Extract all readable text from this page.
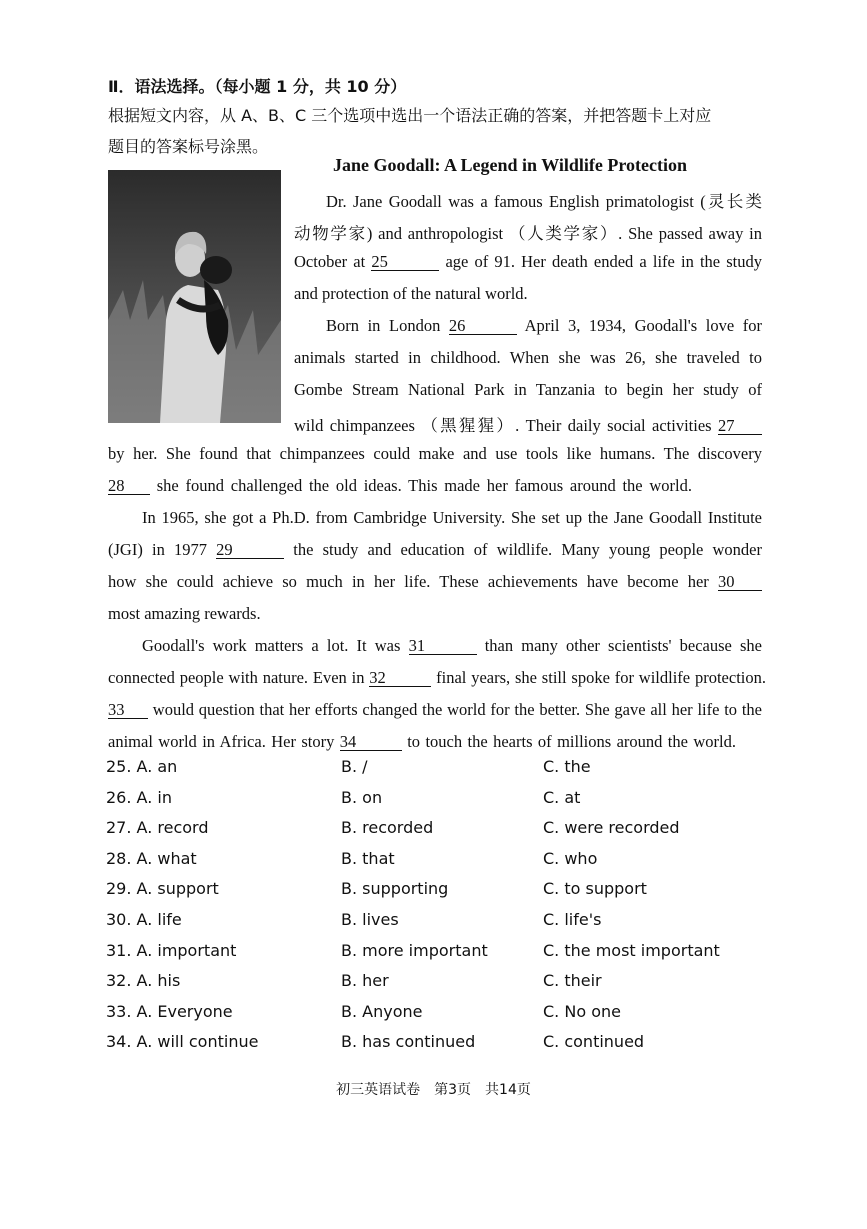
Ⅱ．语法选择。（每小题 1 分，共 10 分）
根据短文内容，从 A、B、C 三个选项中选出一个语法正确的答案，并把答题卡上对应
题目的答案标号涂黑。
Jane Goodall: A Legend in Wildlife Protection
Dr. Jane Goodall was a famous English primatologist (灵长类
动物学家) and anthropologist （人类学家）. She passed away in
October at 25	age of 91. Her death ended a life in the study
and protection of the natural world.
Born in London 26	April 3, 1934, Goodall's love for
animals started in childhood. When she was 26, she traveled to
Gombe Stream National Park in Tanzania to begin her study of
wild chimpanzees （黑猩猩）. Their daily social activities 27
by her. She found that chimpanzees could make and use tools like humans. The discovery
28 she found challenged the old ideas. This made her famous around the world.
In 1965, she got a Ph.D. from Cambridge University. She set up the Jane Goodall Institute
(JGI) in 1977 29	the study and education of wildlife. Many young people wonder
how she could achieve so much in her life. These achievements have become her 30
most amazing rewards.
Goodall's work matters a lot. It was 31	than many other scientists' because she
connected people with nature. Even in 32	final years, she still spoke for wildlife protection.
33 would question that her efforts changed the world for the better. She gave all her life to the
animal world in Africa. Her story 34	to touch the hearts of millions around the world.
25. A. an	B. /	C. the
26. A. in	B. on	C. at
27. A. record	B. recorded	C. were recorded
28. A. what	B. that	C. who
29. A. support	B. supporting	C. to support
30. A. life	B. lives	C. life's
31. A. important	B. more important	C. the most important
32. A. his	B. her	C. their
33. A. Everyone	B. Anyone	C. No one
34. A. will continue	B. has continued	C. continued
初三英语试卷　第3页　共14页
